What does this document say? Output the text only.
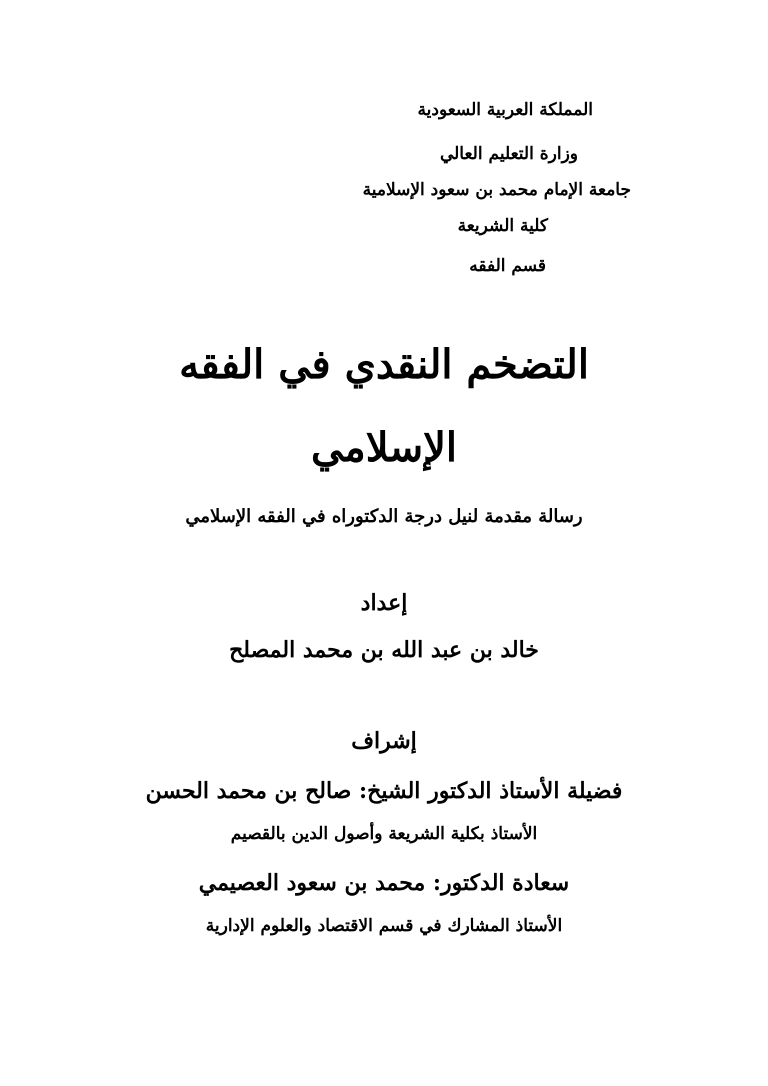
المملكة العربية السعودية
وزارة التعليم العالي
جامعة الإمام محمد بن سعود الإسلامية
كلية الشريعة
قسم الفقه
التضخم النقدي في الفقه
الإسلامي
رسالة مقدمة لنيل درجة الدكتوراه في الفقه الإسلامي
إعداد
خالد بن عبد الله بن محمد المصلح
إشراف
فضيلة الأستاذ الدكتور الشيخ: صالح بن محمد الحسن
الأستاذ بكلية الشريعة وأصول الدين بالقصيم
سعادة الدكتور: محمد بن سعود العصيمي
الأستاذ المشارك في قسم الاقتصاد والعلوم الإدارية
